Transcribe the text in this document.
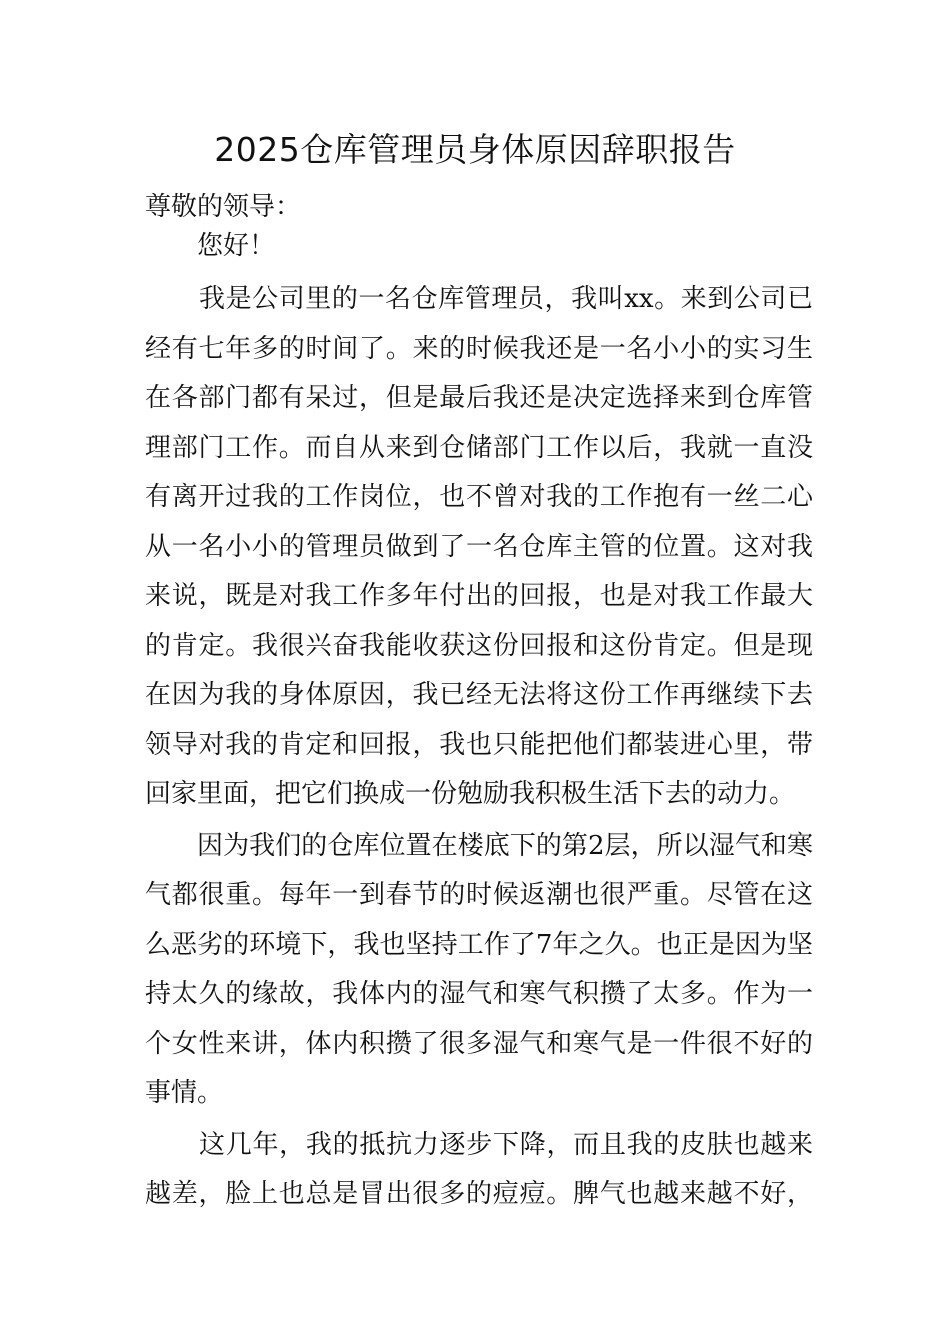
2025仓库管理员身体原因辞职报告
尊敬的领导：
您好！
我是公司里的一名仓库管理员，我叫xx。来到公司已
经有七年多的时间了。来的时候我还是一名小小的实习生
在各部门都有呆过，但是最后我还是决定选择来到仓库管
理部门工作。而自从来到仓储部门工作以后，我就一直没
有离开过我的工作岗位，也不曾对我的工作抱有一丝二心
从一名小小的管理员做到了一名仓库主管的位置。这对我
来说，既是对我工作多年付出的回报，也是对我工作最大
的肯定。我很兴奋我能收获这份回报和这份肯定。但是现
在因为我的身体原因，我已经无法将这份工作再继续下去
领导对我的肯定和回报，我也只能把他们都装进心里，带
回家里面，把它们换成一份勉励我积极生活下去的动力。
因为我们的仓库位置在楼底下的第2层，所以湿气和寒
气都很重。每年一到春节的时候返潮也很严重。尽管在这
么恶劣的环境下，我也坚持工作了7年之久。也正是因为坚
持太久的缘故，我体内的湿气和寒气积攒了太多。作为一
个女性来讲，体内积攒了很多湿气和寒气是一件很不好的
事情。
这几年，我的抵抗力逐步下降，而且我的皮肤也越来
越差，脸上也总是冒出很多的痘痘。脾气也越来越不好，
